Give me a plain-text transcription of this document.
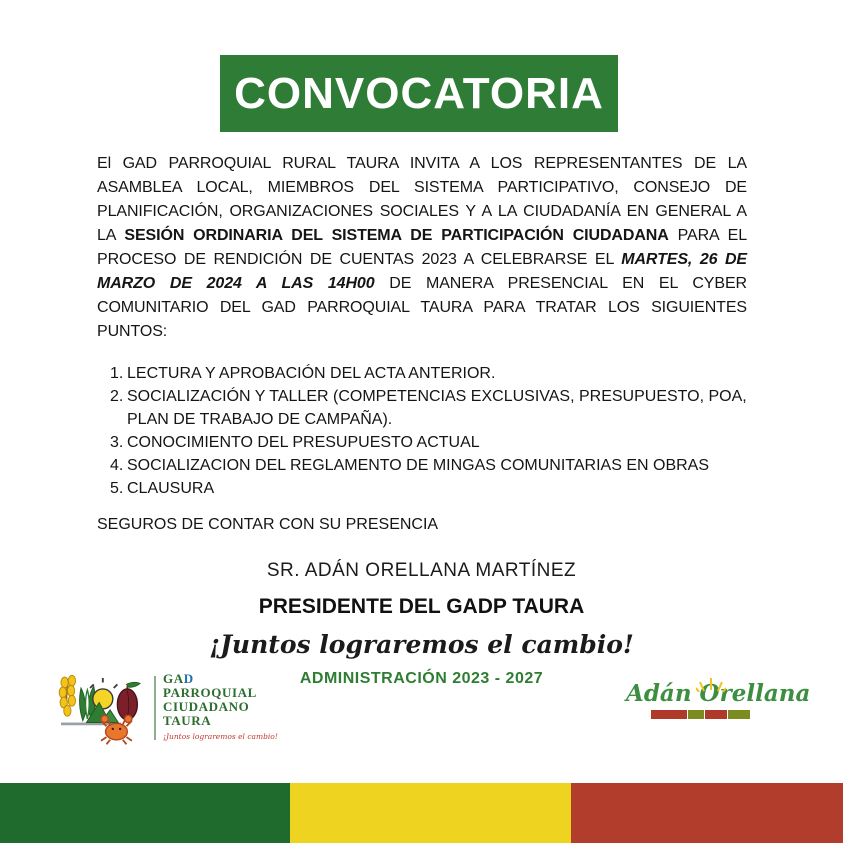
CONVOCATORIA

El GAD PARROQUIAL RURAL TAURA INVITA A LOS REPRESENTANTES DE LA ASAMBLEA LOCAL, MIEMBROS DEL SISTEMA PARTICIPATIVO, CONSEJO DE PLANIFICACIÓN, ORGANIZACIONES SOCIALES Y A LA CIUDADANÍA EN GENERAL A LA SESIÓN ORDINARIA DEL SISTEMA DE PARTICIPACIÓN CIUDADANA PARA EL PROCESO DE RENDICIÓN DE CUENTAS 2023 A CELEBRARSE EL MARTES, 26 DE MARZO DE 2024 A LAS 14H00 DE MANERA PRESENCIAL EN EL CYBER COMUNITARIO DEL GAD PARROQUIAL TAURA PARA TRATAR LOS SIGUIENTES PUNTOS:

LECTURA Y APROBACIÓN DEL ACTA ANTERIOR.
SOCIALIZACIÓN Y TALLER (COMPETENCIAS EXCLUSIVAS, PRESUPUESTO, POA, PLAN DE TRABAJO DE CAMPAÑA).
CONOCIMIENTO DEL PRESUPUESTO ACTUAL
SOCIALIZACION DEL REGLAMENTO DE MINGAS COMUNITARIAS EN OBRAS
CLAUSURA

SEGUROS DE CONTAR CON SU PRESENCIA

SR. ADÁN ORELLANA MARTÍNEZ

PRESIDENTE DEL GADP TAURA

¡Juntos lograremos el cambio!

ADMINISTRACIÓN 2023 - 2027

GAD
PARROQUIAL
CIUDADANO
TAURA
¡Juntos lograremos el cambio!
Adán Orellana
